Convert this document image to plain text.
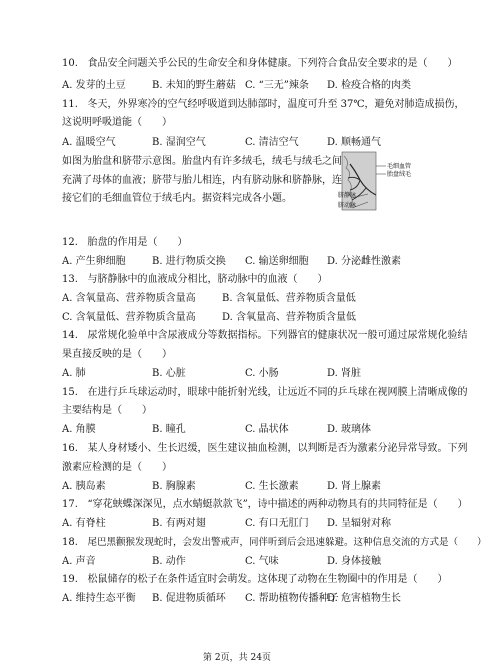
10. 食品安全问题关乎公民的生命安全和身体健康。下列符合食品安全要求的是（　　）
A. 发芽的土豆	B. 未知的野生蘑菇 C. “三无”辣条 D. 检疫合格的肉类
11. 冬天，外界寒冷的空气经呼吸道到达肺部时，温度可升至 37℃，避免对肺造成损伤，
这说明呼吸道能（　　）
A. 温暖空气	B. 湿润空气	C. 清洁空气	D. 顺畅通气
如图为胎盘和脐带示意图。胎盘内有许多绒毛，绒毛与绒毛之间
充满了母体的血液；脐带与胎儿相连，内有脐动脉和脐静脉，连
接它们的毛细血管位于绒毛内。据资料完成各小题。
毛细血管
胎盘绒毛
脐静脉
脐动脉
12. 胎盘的作用是（　　）
A. 产生卵细胞	B. 进行物质交换 C. 输送卵细胞 D. 分泌雌性激素
13. 与脐静脉中的血液成分相比，脐动脉中的血液（　　）
A. 含氧量高、营养物质含量高	B. 含氧量低、营养物质含量低
C. 含氧量低、营养物质含量高	D. 含氧量高、营养物质含量低
14. 尿常规化验单中含尿液成分等数据指标。下列器官的健康状况一般可通过尿常规化验结
果直接反映的是（　　）
A. 肺	B. 心脏	C. 小肠	D. 肾脏
15. 在进行乒乓球运动时，眼球中能折射光线，让远近不同的乒乓球在视网膜上清晰成像的
主要结构是（　　）
A. 角膜	B. 瞳孔	C. 晶状体	D. 玻璃体
16. 某人身材矮小、生长迟缓，医生建议抽血检测，以判断是否为激素分泌异常导致。下列
激素应检测的是（　　）
A. 胰岛素	B. 胸腺素	C. 生长激素	D. 肾上腺素
17. “穿花蛱蝶深深见，点水蜻蜓款款飞”，诗中描述的两种动物具有的共同特征是（　　）
A. 有脊柱	B. 有两对翅	C. 有口无肛门 D. 呈辐射对称
18. 尾巴黑颧猴发现蛇时，会发出警戒声，同伴听到后会迅速躲避。这种信息交流的方式是（　　）
A. 声音	B. 动作	C. 气味	D. 身体接触
19. 松鼠储存的松子在条件适宜时会萌发。这体现了动物在生物圈中的作用是（　　）
A. 维持生态平衡 B. 促进物质循环 C. 帮助植物传播种子
D. 危害植物生长
第 2页，共 24页
